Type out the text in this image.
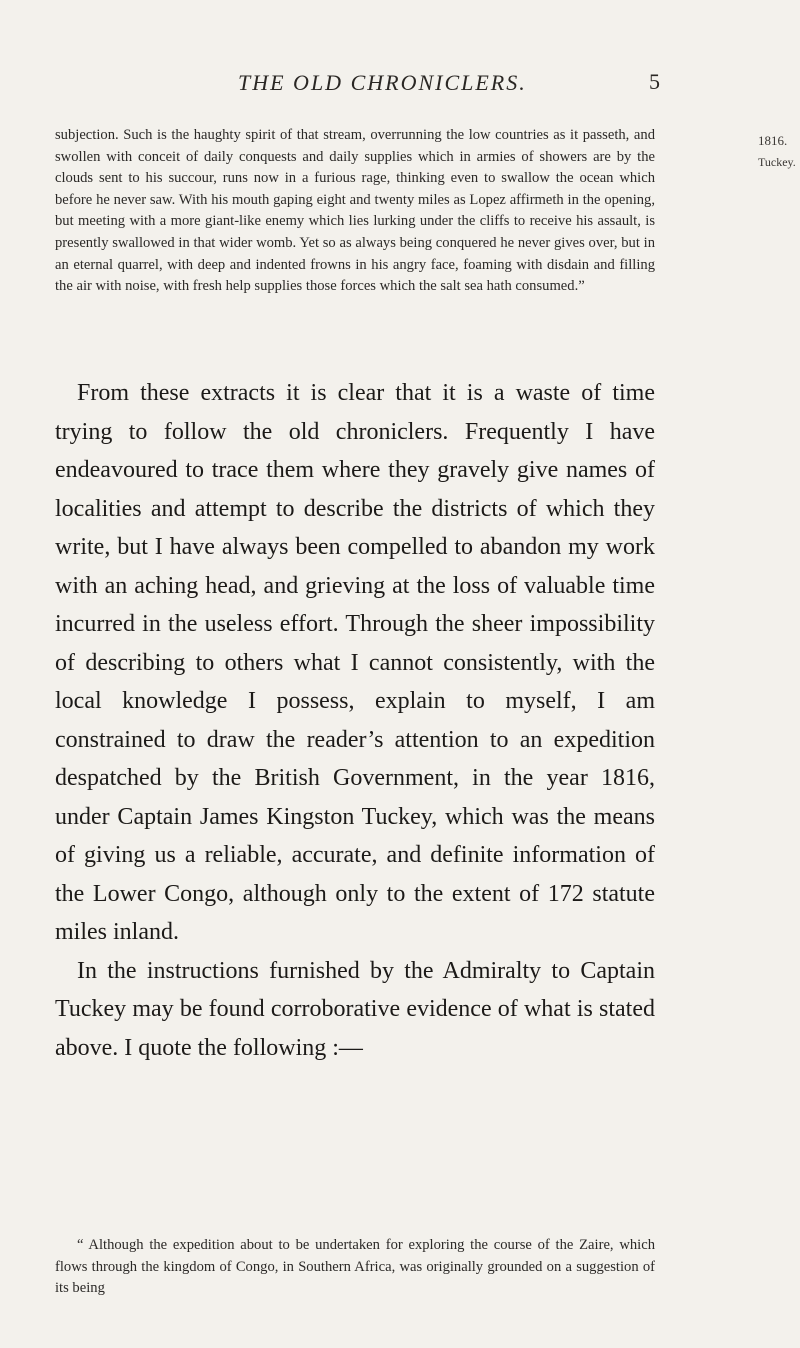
THE OLD CHRONICLERS.	5
1816.
Tuckey.

subjection. Such is the haughty spirit of that stream, overrunning the low countries as it passeth, and swollen with conceit of daily conquests and daily supplies which in armies of showers are by the clouds sent to his succour, runs now in a furious rage, thinking even to swallow the ocean which before he never saw. With his mouth gaping eight and twenty miles as Lopez affirmeth in the opening, but meeting with a more giant-like enemy which lies lurking under the cliffs to receive his assault, is presently swallowed in that wider womb. Yet so as always being conquered he never gives over, but in an eternal quarrel, with deep and indented frowns in his angry face, foaming with disdain and filling the air with noise, with fresh help supplies those forces which the salt sea hath consumed.”

From these extracts it is clear that it is a waste of time trying to follow the old chroniclers. Frequently I have endeavoured to trace them where they gravely give names of localities and attempt to describe the districts of which they write, but I have always been compelled to abandon my work with an aching head, and grieving at the loss of valuable time incurred in the useless effort. Through the sheer impossibility of describing to others what I cannot consistently, with the local knowledge I possess, explain to myself, I am constrained to draw the reader’s attention to an expedition despatched by the British Government, in the year 1816, under Captain James Kingston Tuckey, which was the means of giving us a reliable, accurate, and definite information of the Lower Congo, although only to the extent of 172 statute miles inland.

In the instructions furnished by the Admiralty to Captain Tuckey may be found corroborative evidence of what is stated above. I quote the following :—

“ Although the expedition about to be undertaken for exploring the course of the Zaire, which flows through the kingdom of Congo, in Southern Africa, was originally grounded on a suggestion of its being
